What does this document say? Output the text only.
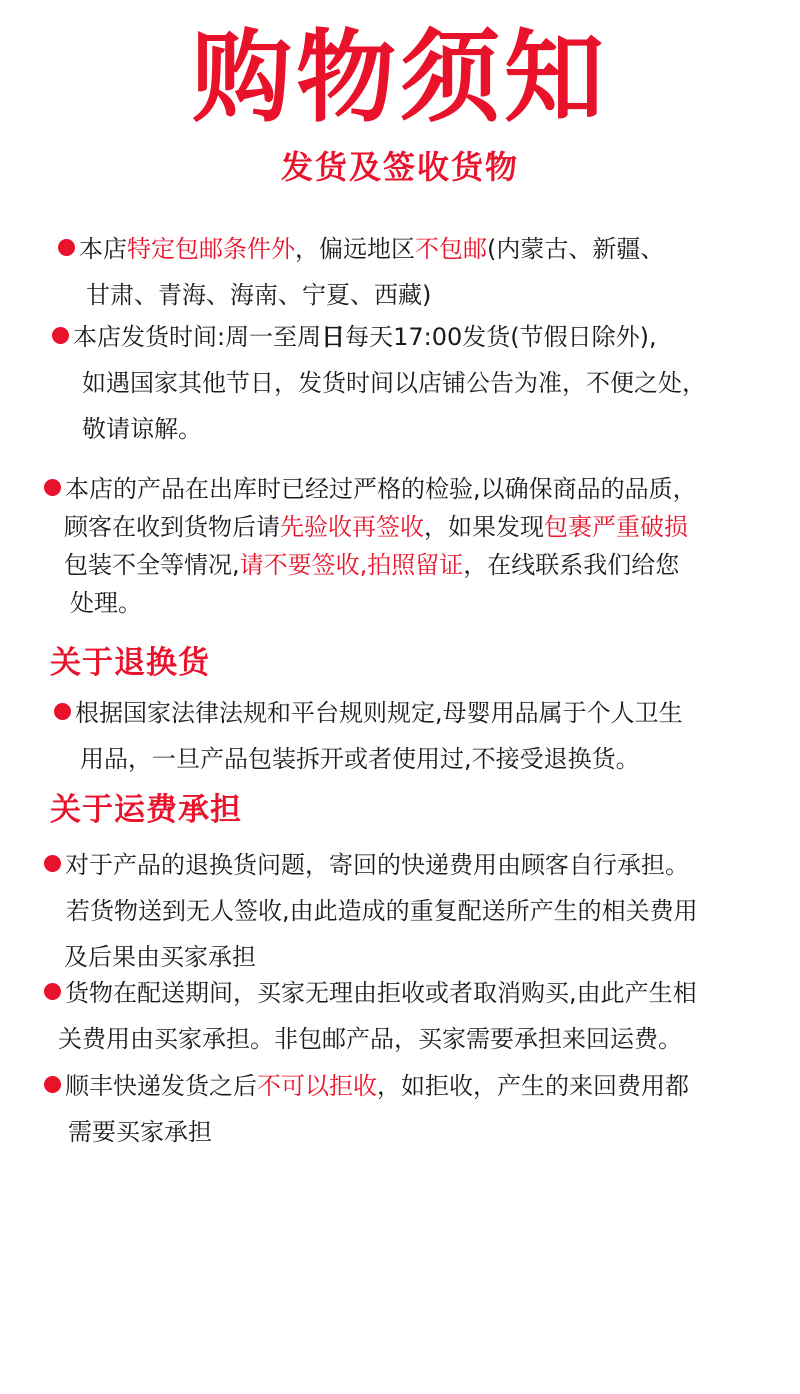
购物须知
发货及签收货物
本店特定包邮条件外，偏远地区不包邮(内蒙古、新疆、
甘肃、青海、海南、宁夏、西藏)
本店发货时间:周一至周日每天17:00发货(节假日除外),
如遇国家其他节日，发货时间以店铺公告为准，不便之处，
敬请谅解。
本店的产品在出库时已经过严格的检验,以确保商品的品质，
顾客在收到货物后请先验收再签收，如果发现包裹严重破损
包装不全等情况,请不要签收,拍照留证，在线联系我们给您
处理。
关于退换货
根据国家法律法规和平台规则规定,母婴用品属于个人卫生
用品，一旦产品包装拆开或者使用过,不接受退换货。
关于运费承担
对于产品的退换货问题，寄回的快递费用由顾客自行承担。
若货物送到无人签收,由此造成的重复配送所产生的相关费用
及后果由买家承担
货物在配送期间，买家无理由拒收或者取消购买,由此产生相
关费用由买家承担。非包邮产品，买家需要承担来回运费。
顺丰快递发货之后不可以拒收，如拒收，产生的来回费用都
需要买家承担
